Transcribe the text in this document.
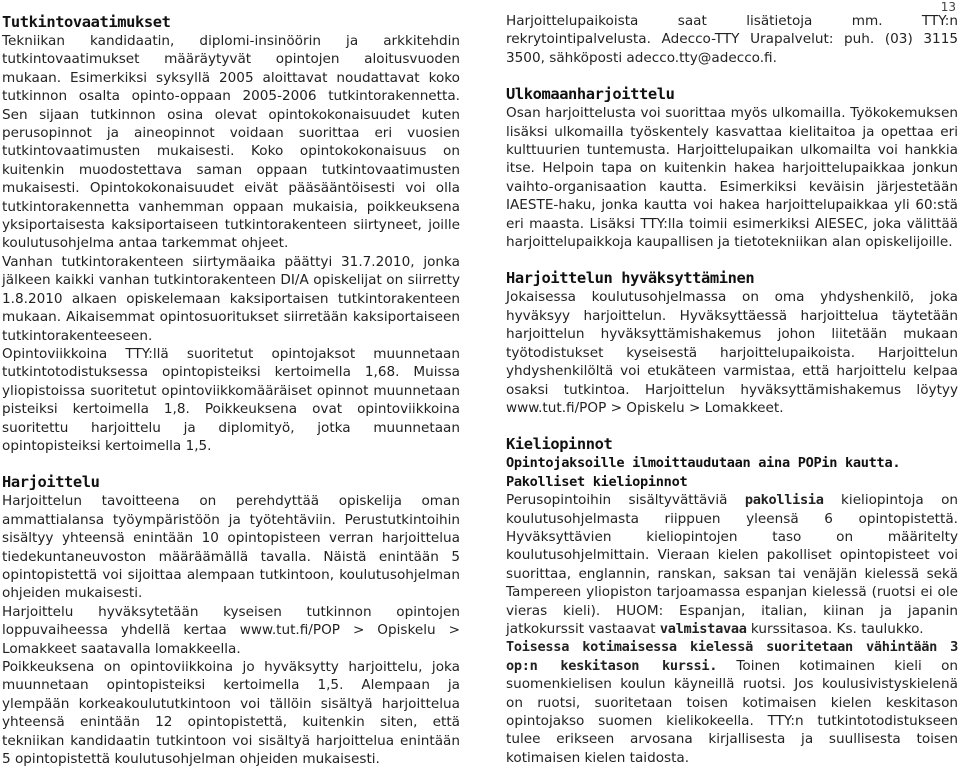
13
Tutkintovaatimukset

Tekniikan kandidaatin, diplomi-insinöörin ja arkkitehdin tutkintovaatimukset määräytyvät opintojen aloitusvuoden mukaan. Esimerkiksi syksyllä 2005 aloittavat noudattavat koko tutkinnon osalta opinto-oppaan 2005-2006 tutkintorakennetta. Sen sijaan tutkinnon osina olevat opintokokonaisuudet kuten perusopinnot ja aineopinnot voidaan suorittaa eri vuosien tutkintovaatimusten mukaisesti. Koko opintokokonaisuus on kuitenkin muodostettava saman oppaan tutkintovaatimusten mukaisesti. Opintokokonaisuudet eivät pääsääntöisesti voi olla tutkintorakennetta vanhemman oppaan mukaisia, poikkeuksena yksiportaisesta kaksiportaiseen tutkintorakenteen siirtyneet, joille koulutusohjelma antaa tarkemmat ohjeet.

Vanhan tutkintorakenteen siirtymäaika päättyi 31.7.2010, jonka jälkeen kaikki vanhan tutkintorakenteen DI/A opiskelijat on siirretty 1.8.2010 alkaen opiskelemaan kaksiportaisen tutkintorakenteen mukaan. Aikaisemmat opintosuoritukset siirretään kaksiportaiseen tutkintorakenteeseen.

Opintoviikkoina TTY:llä suoritetut opintojaksot muunnetaan tutkintotodistuksessa opintopisteiksi kertoimella 1,68. Muissa yliopistoissa suoritetut opintoviikkomääräiset opinnot muunnetaan pisteiksi kertoimella 1,8. Poikkeuksena ovat opintoviikkoina suoritettu harjoittelu ja diplomityö, jotka muunnetaan opintopisteiksi kertoimella 1,5.

Harjoittelu

Harjoittelun tavoitteena on perehdyttää opiskelija oman ammattialansa työympäristöön ja työtehtäviin. Perustutkintoihin sisältyy yhteensä enintään 10 opintopisteen verran harjoittelua tiedekuntaneuvoston määräämällä tavalla. Näistä enintään 5 opintopistettä voi sijoittaa alempaan tutkintoon, koulutusohjelman ohjeiden mukaisesti.

Harjoittelu hyväksytetään kyseisen tutkinnon opintojen loppuvaiheessa yhdellä kertaa www.tut.fi/POP > Opiskelu > Lomakkeet saatavalla lomakkeella.

Poikkeuksena on opintoviikkoina jo hyväksytty harjoittelu, joka muunnetaan opintopisteiksi kertoimella 1,5. Alempaan ja ylempään korkeakoulututkintoon voi tällöin sisältyä harjoittelua yhteensä enintään 12 opintopistettä, kuitenkin siten, että tekniikan kandidaatin tutkintoon voi sisältyä harjoittelua enintään 5 opintopistettä koulutusohjelman ohjeiden mukaisesti.

Harjoittelupaikoista saat lisätietoja mm. TTY:n rekrytointipalvelusta. Adecco-TTY Urapalvelut: puh. (03) 3115 3500, sähköposti adecco.tty@adecco.fi.

Ulkomaanharjoittelu

Osan harjoittelusta voi suorittaa myös ulkomailla. Työkokemuksen lisäksi ulkomailla työskentely kasvattaa kielitaitoa ja opettaa eri kulttuurien tuntemusta. Harjoittelupaikan ulkomailta voi hankkia itse. Helpoin tapa on kuitenkin hakea harjoittelupaikkaa jonkun vaihto-organisaation kautta. Esimerkiksi keväisin järjestetään IAESTE-haku, jonka kautta voi hakea harjoittelupaikkaa yli 60:stä eri maasta. Lisäksi TTY:lla toimii esimerkiksi AIESEC, joka välittää harjoittelupaikkoja kaupallisen ja tietotekniikan alan opiskelijoille.

Harjoittelun hyväksyttäminen

Jokaisessa koulutusohjelmassa on oma yhdyshenkilö, joka hyväksyy harjoittelun. Hyväksyttäessä harjoittelua täytetään harjoittelun hyväksyttämishakemus johon liitetään mukaan työtodistukset kyseisestä harjoittelupaikoista. Harjoittelun yhdyshenkilöltä voi etukäteen varmistaa, että harjoittelu kelpaa osaksi tutkintoa. Harjoittelun hyväksyttämishakemus löytyy www.tut.fi/POP > Opiskelu > Lomakkeet.

Kieliopinnot
Opintojaksoille ilmoittaudutaan aina POPin kautta.
Pakolliset kieliopinnot

Perusopintoihin sisältyvättäviä pakollisia kieliopintoja on koulutusohjelmasta riippuen yleensä 6 opintopistettä. Hyväksyttävien kieliopintojen taso on määritelty koulutusohjelmittain. Vieraan kielen pakolliset opintopisteet voi suorittaa, englannin, ranskan, saksan tai venäjän kielessä sekä Tampereen yliopiston tarjoamassa espanjan kielessä (ruotsi ei ole vieras kieli). HUOM: Espanjan, italian, kiinan ja japanin jatkokurssit vastaavat valmistavaa kurssitasoa. Ks. taulukko.

Toisessa kotimaisessa kielessä suoritetaan vähintään 3 op:n keskitason kurssi. Toinen kotimainen kieli on suomenkielisen koulun käyneillä ruotsi. Jos koulusivistyskielenä on ruotsi, suoritetaan toisen kotimaisen kielen keskitason opintojakso suomen kielikokeella. TTY:n tutkintotodistukseen tulee erikseen arvosana kirjallisesta ja suullisesta toisen kotimaisen kielen taidosta.
